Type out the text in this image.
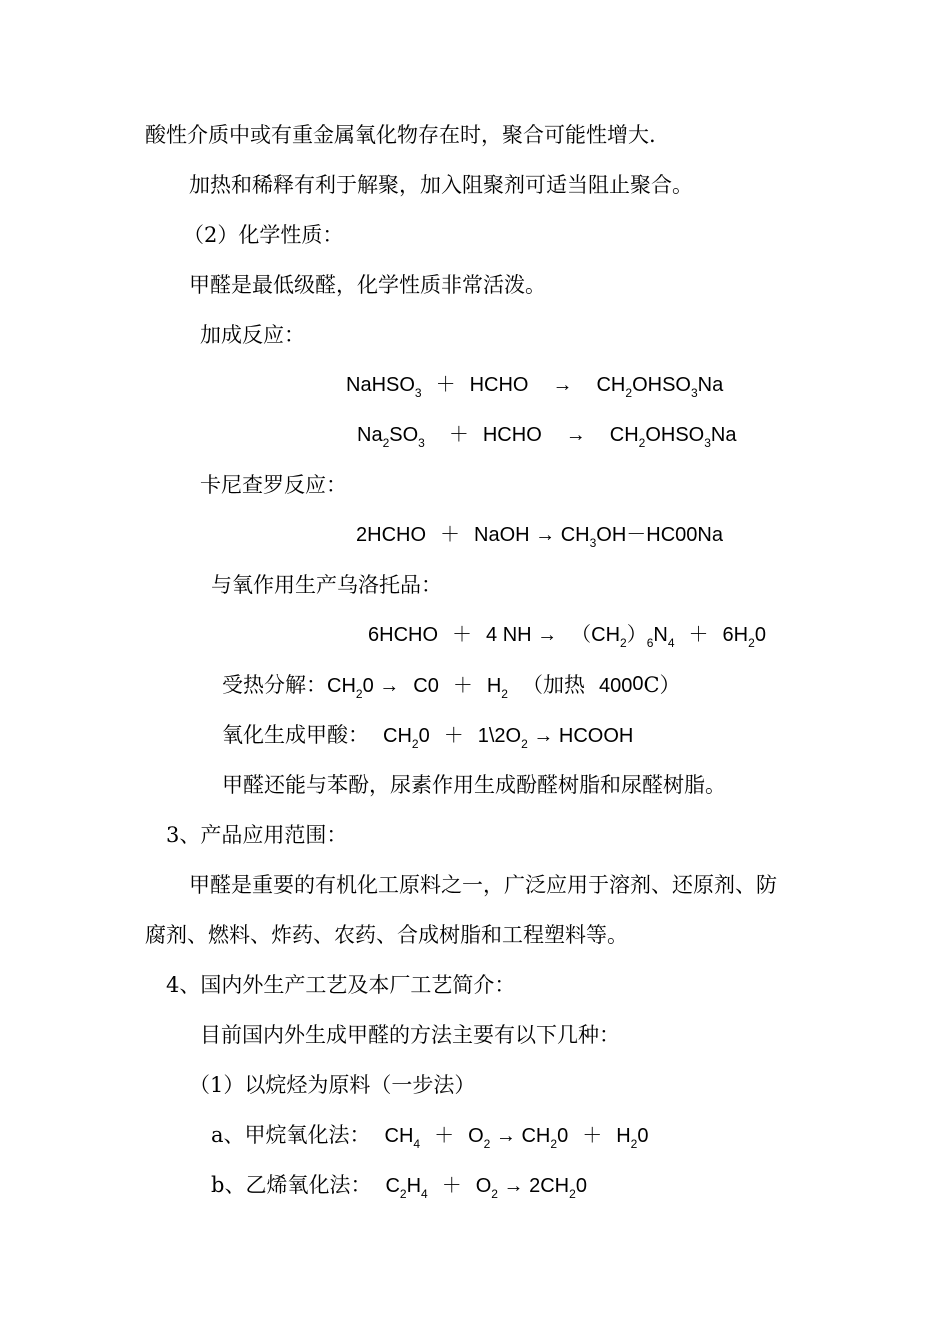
酸性介质中或有重金属氧化物存在时，聚合可能性增大.
加热和稀释有利于解聚，加入阻聚剂可适当阻止聚合。
（2）化学性质：
甲醛是最低级醛，化学性质非常活泼。
加成反应：
NaHSO$_3$ ＋ HCHO → $CH_2OHSO_3Na$
$Na_2SO_3$ ＋ HCHO → $CH_2OHSO_3Na$
卡尼查罗反应：
2HCHO ＋ NaOH → $CH_3OH-HC00Na$
与氧作用生产乌洛托品：
6HCHO ＋ 4 NH → $(CH_2)_6N_4 + 6H_20$
受热分解：$CH_20 \to C0 + H_2$ （加热 $400^0C$）
氧化生成甲酸： $CH_20$ ＋ $1\backslash 2O_2$ → HCOOH
甲醛还能与苯酚，尿素作用生成酚醛树脂和尿醛树脂。
3、产品应用范围：
甲醛是重要的有机化工原料之一，广泛应用于溶剂、还原剂、防
腐剂、燃料、炸药、农药、合成树脂和工程塑料等。
4、国内外生产工艺及本厂工艺简介：
目前国内外生成甲醛的方法主要有以下几种：
（1）以烷烃为原料（一步法）
a、甲烷氧化法： $CH_4 + O_2 \to CH_20 + H_20$
b、乙烯氧化法： $C_2H_4 + O_2 \to 2CH_20$
